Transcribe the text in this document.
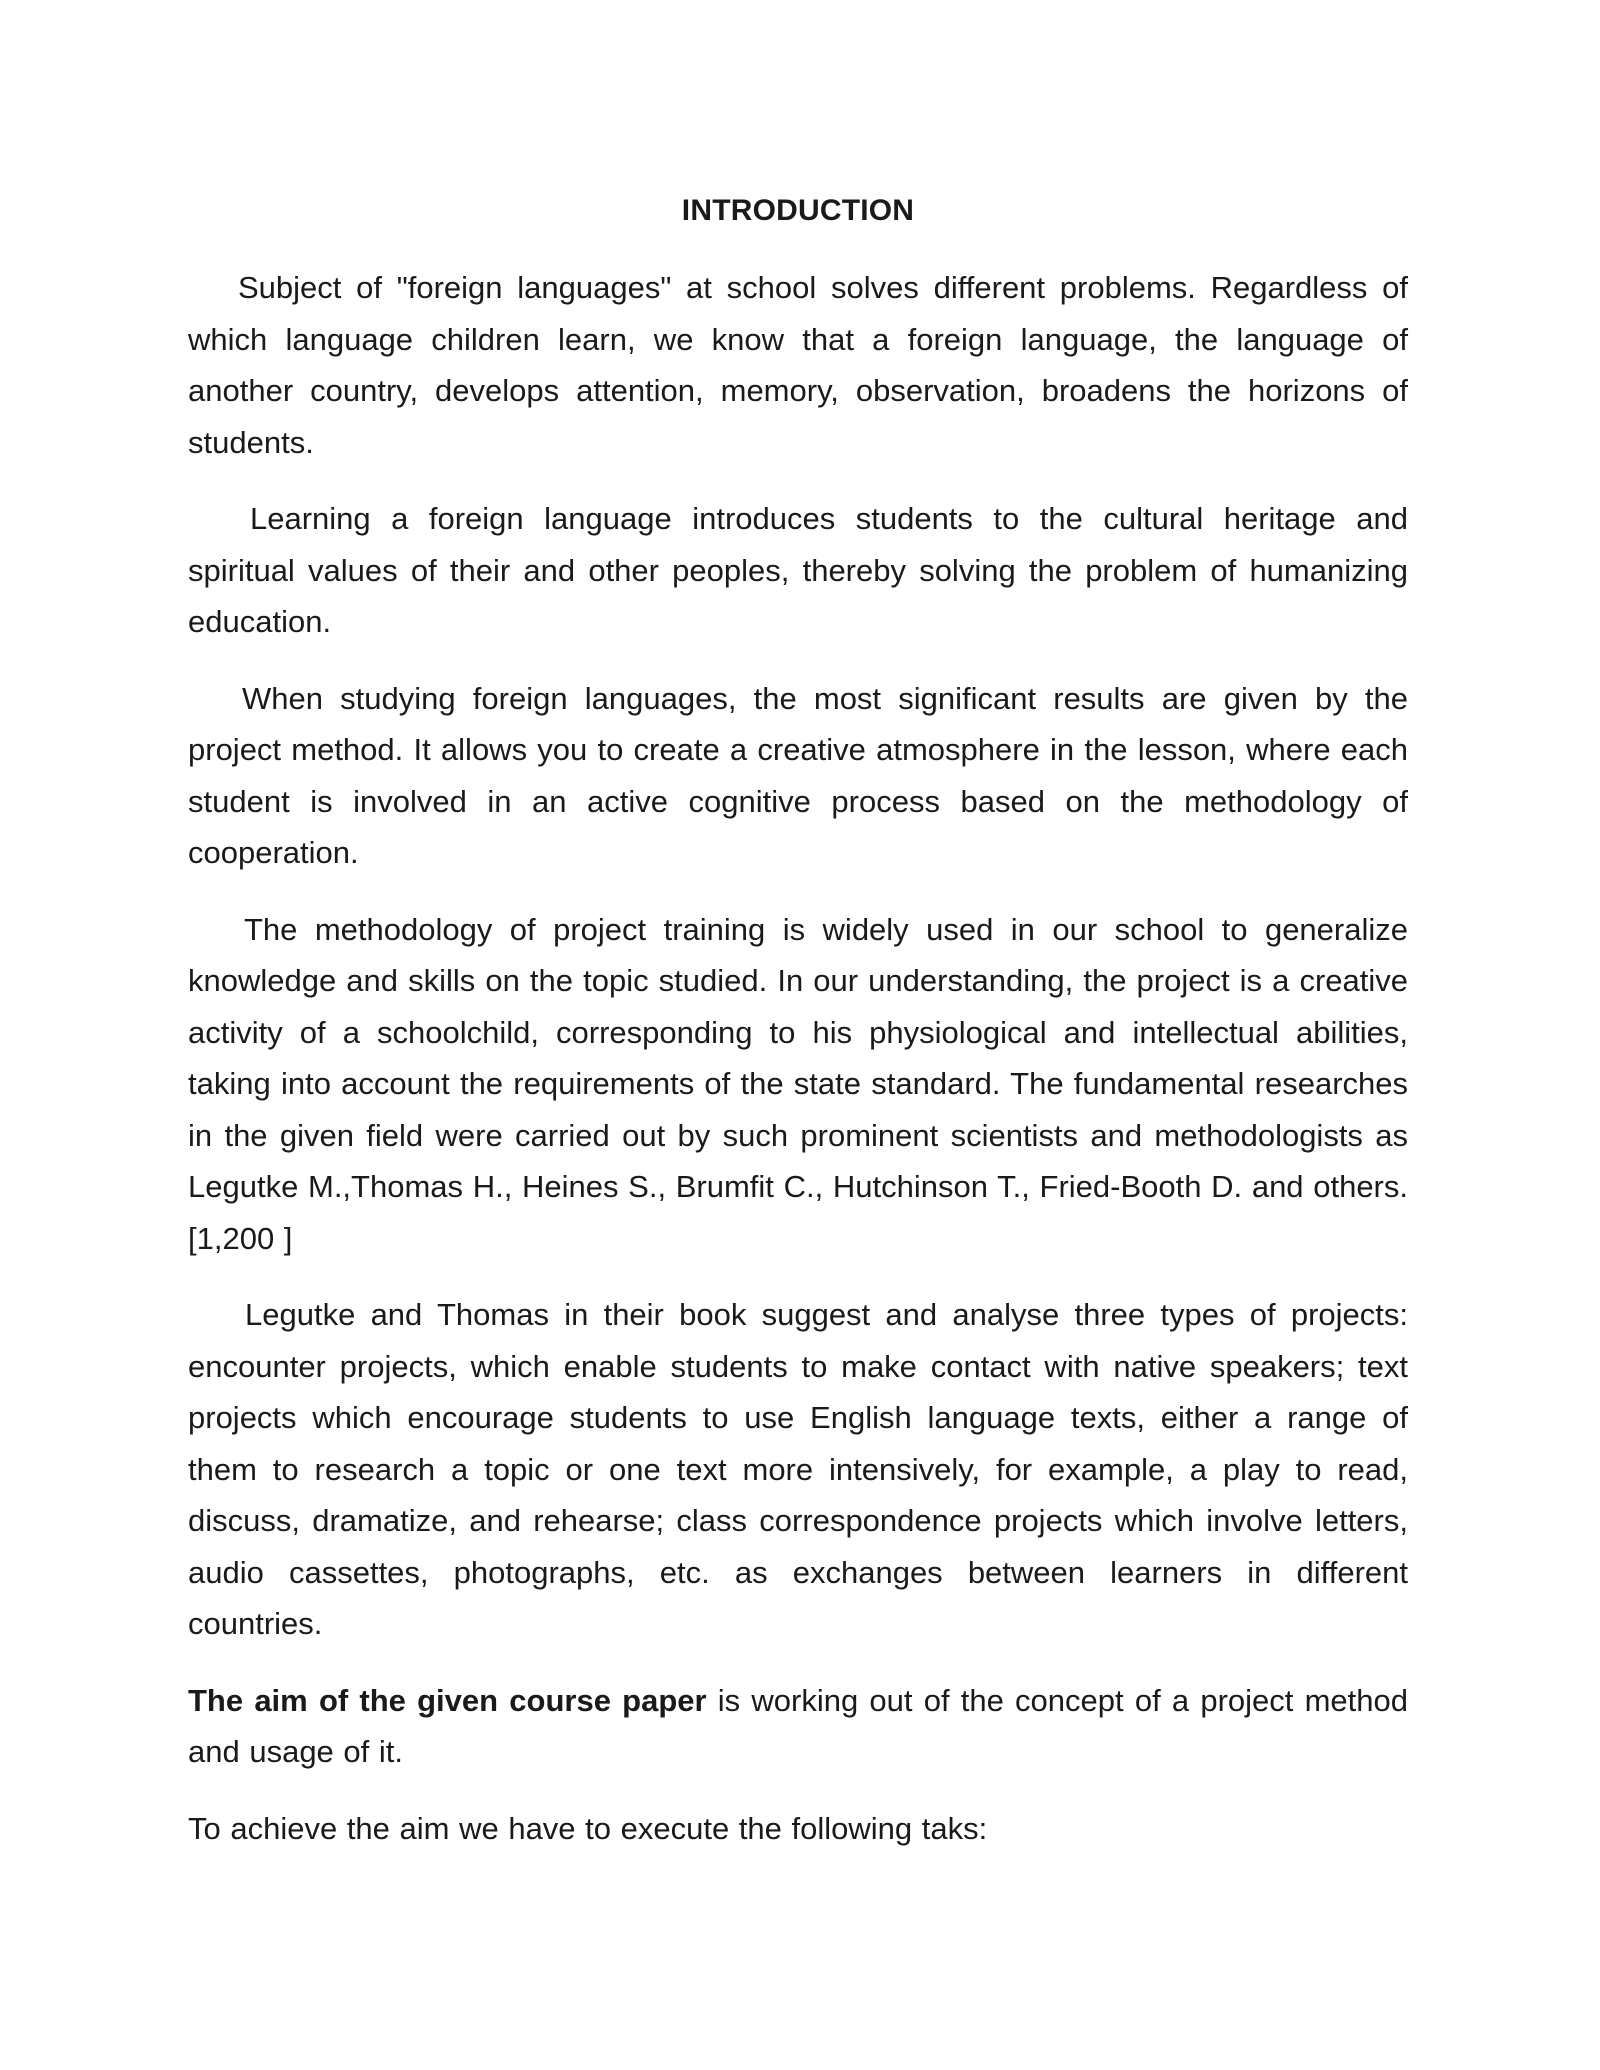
INTRODUCTION

Subject of "foreign languages" at school solves different problems. Regardless of which language children learn, we know that a foreign language, the language of another country, develops attention, memory, observation, broadens the horizons of students.

Learning a foreign language introduces students to the cultural heritage and spiritual values of their and other peoples, thereby solving the problem of humanizing education.

When studying foreign languages, the most significant results are given by the project method. It allows you to create a creative atmosphere in the lesson, where each student is involved in an active cognitive process based on the methodology of cooperation.

The methodology of project training is widely used in our school to generalize knowledge and skills on the topic studied. In our understanding, the project is a creative activity of a schoolchild, corresponding to his physiological and intellectual abilities, taking into account the requirements of the state standard. The fundamental researches in the given field were carried out by such prominent scientists and methodologists as Legutke M.,Thomas H., Heines S., Brumfit C., Hutchinson T., Fried-Booth D. and others. [1,200 ]

Legutke and Thomas in their book suggest and analyse three types of projects: encounter projects, which enable students to make contact with native speakers; text projects which encourage students to use English language texts, either a range of them to research a topic or one text more intensively, for example, a play to read, discuss, dramatize, and rehearse; class correspondence projects which involve letters, audio cassettes, photographs, etc. as exchanges between learners in different countries.

The aim of the given course paper is working out of the concept of a project method and usage of it.

To achieve the aim we have to execute the following taks:
